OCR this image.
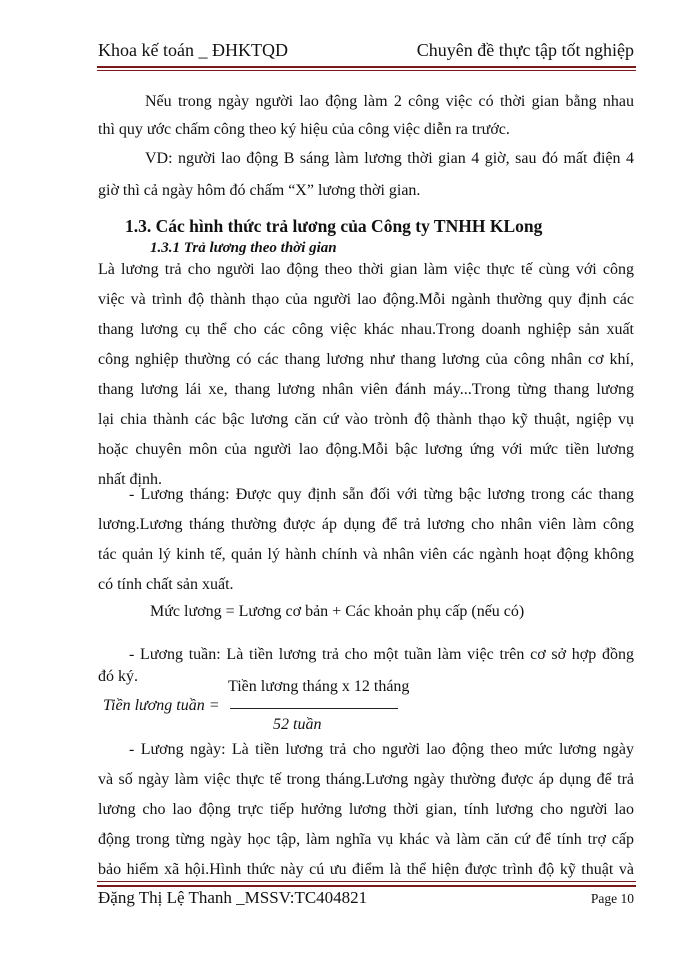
Khoa kế toán _ ĐHKTQD	Chuyên đề thực tập tốt nghiệp
Nếu trong ngày người lao động làm 2 công việc có thời gian bằng nhau
thì quy ước chấm công theo ký hiệu của công việc diễn ra trước.
VD: người lao động B sáng làm lương thời gian 4 giờ, sau đó mất điện 4
giờ thì cả ngày hôm đó chấm “X” lương thời gian.
1.3. Các hình thức trả lương của Công ty TNHH KLong
1.3.1 Trả lương theo thời gian
Là lương trả cho người lao động theo thời gian làm việc thực tế cùng với công
việc và trình độ thành thạo của người lao động.Mỗi ngành thường quy định các
thang lương cụ thể cho các công việc khác nhau.Trong doanh nghiệp sản xuất
công nghiệp thường có các thang lương như thang lương của công nhân cơ khí,
thang lương lái xe, thang lương nhân viên đánh máy...Trong từng thang lương
lại chia thành các bậc lương căn cứ vào trònh độ thành thạo kỹ thuật, ngiệp vụ
hoặc chuyên môn của người lao động.Mỗi bậc lương ứng với mức tiền lương
nhất định.
- Lương tháng: Được quy định sẵn đối với từng bậc lương trong các thang
lương.Lương tháng thường được áp dụng để trả lương cho nhân viên làm công
tác quản lý kinh tế, quản lý hành chính và nhân viên các ngành hoạt động không
có tính chất sản xuất.
Mức lương = Lương cơ bản + Các khoản phụ cấp (nếu có)
- Lương tuần: Là tiền lương trả cho một tuần làm việc trên cơ sở hợp đồng
đó ký.
Tiền lương tuần =
Tiền lương tháng x 12 tháng
52 tuần
- Lương ngày: Là tiền lương trả cho người lao động theo mức lương ngày
và số ngày làm việc thực tế trong tháng.Lương ngày thường được áp dụng để trả
lương cho lao động trực tiếp hưởng lương thời gian, tính lương cho người lao
động trong từng ngày học tập, làm nghĩa vụ khác và làm căn cứ để tính trợ cấp
bảo hiểm xã hội.Hình thức này cú ưu điểm là thể hiện được trình độ kỹ thuật và
Đặng Thị Lệ Thanh _MSSV:TC404821	Page 10
